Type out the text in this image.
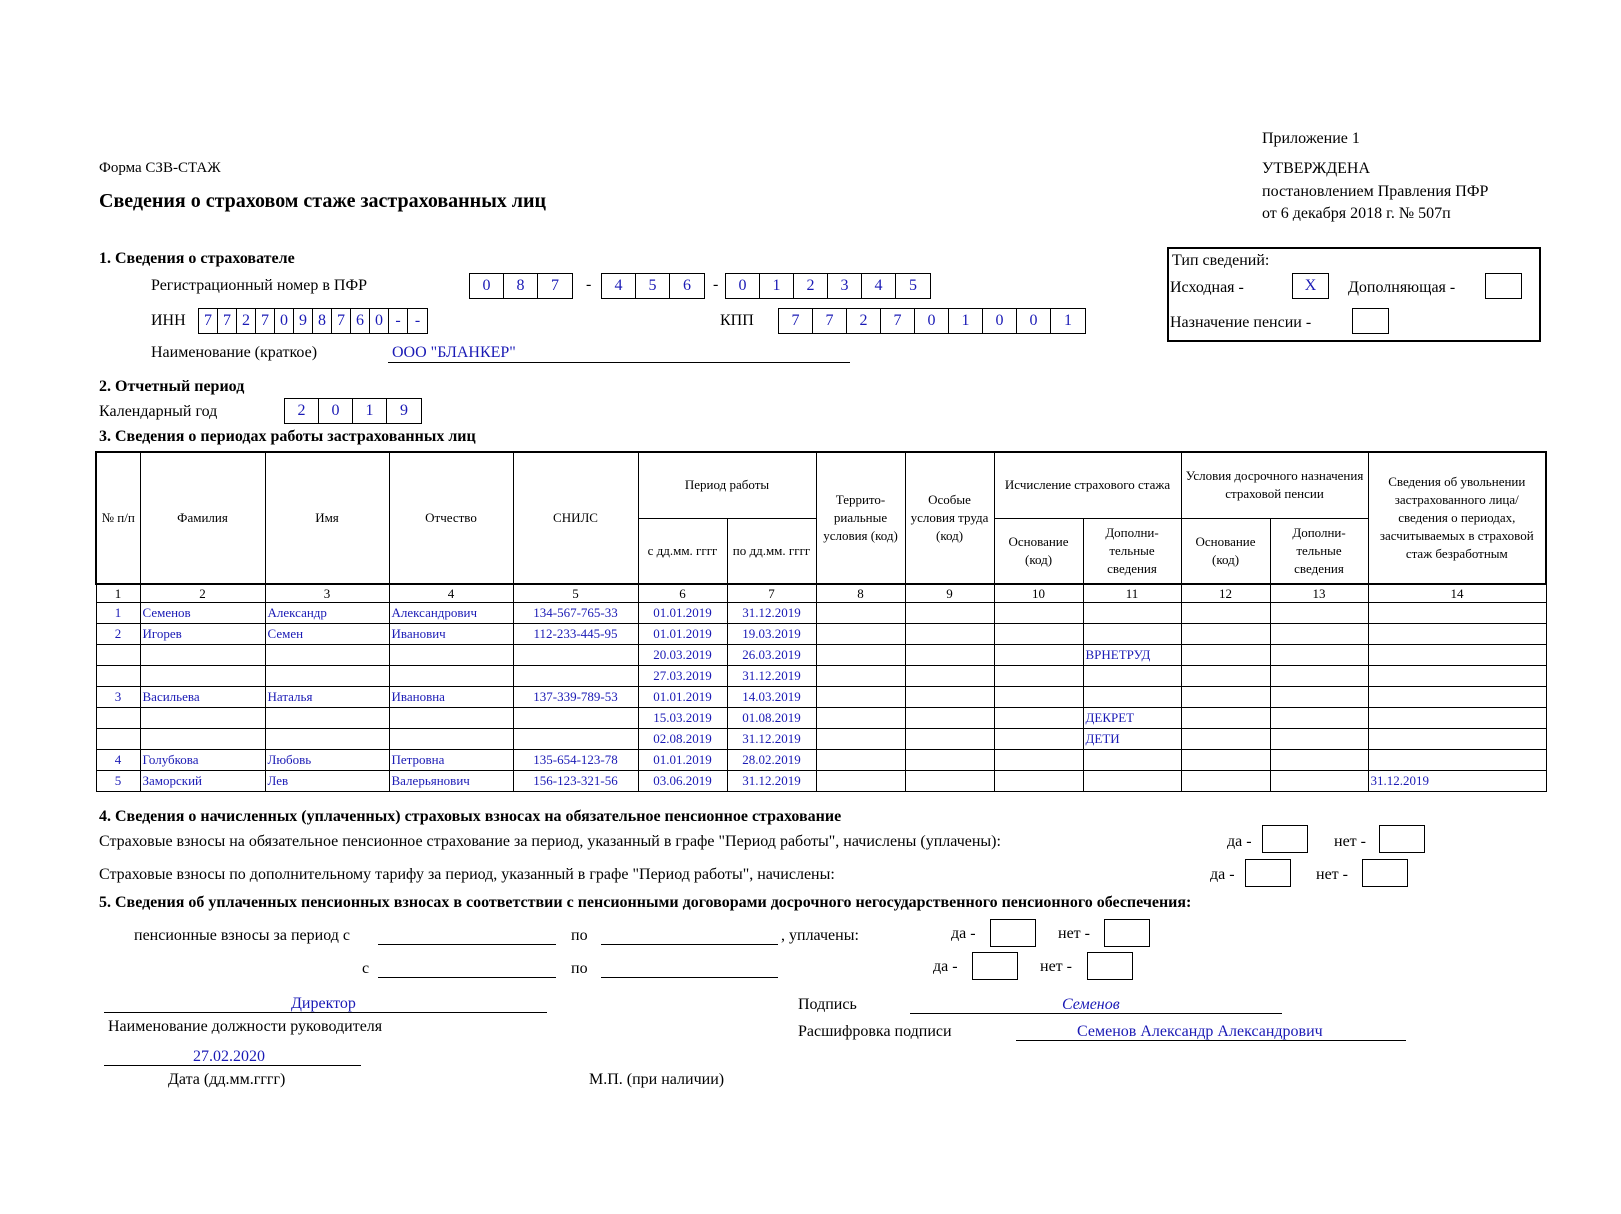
Приложение 1
УТВЕРЖДЕНА
постановлением Правления ПФР
от 6 декабря 2018 г. № 507п
Форма СЗВ-СТАЖ
Сведения о страховом стаже застрахованных лиц
1. Сведения о страхователе
Регистрационный номер в ПФР	0	8	7	-	4	5	6	-	0	1	2	3	4	5
ИНН	7 7 2 7 0 9 8 7 6 0 - -	КПП	7	7	2	7	0	1	0	0	1
Наименование (краткое)	ООО "БЛАНКЕР"
Тип сведений:
Исходная -	X	Дополняющая -
Назначение пенсии -
2. Отчетный период
Календарный год	2	0	1	9
3. Сведения о периодах работы застрахованных лиц
№ п/п	Фамилия	Имя	Отчество	СНИЛС	Период работы		Террито-риальные условия (код)	Особые условия труда (код)	Исчисление страхового стажа		Условия досрочного назначения страховой пенсии		Сведения об увольнении застрахованного лица/ сведения о периодах, засчитываемых в страховой стаж безработным
					с дд.мм. гггг	по дд.мм. гггг			Основание (код)	Дополни-тельные сведения	Основание (код)	Дополни-тельные сведения	
1	2	3	4	5	6	7	8	9	10	11	12	13	14
1	Семенов	Александр	Александрович	134-567-765-33	01.01.2019	31.12.2019							
2	Игорев	Семен	Иванович	112-233-445-95	01.01.2019	19.03.2019							
					20.03.2019	26.03.2019				ВРНЕТРУД			
					27.03.2019	31.12.2019							
3	Васильева	Наталья	Ивановна	137-339-789-53	01.01.2019	14.03.2019							
					15.03.2019	01.08.2019				ДЕКРЕТ			
					02.08.2019	31.12.2019				ДЕТИ			
4	Голубкова	Любовь	Петровна	135-654-123-78	01.01.2019	28.02.2019							
5	Заморский	Лев	Валерьянович	156-123-321-56	03.06.2019	31.12.2019							31.12.2019
4. Сведения о начисленных (уплаченных) страховых взносах на обязательное пенсионное страхование
Страховые взносы на обязательное пенсионное страхование за период, указанный в графе "Период работы", начислены (уплачены):	да -	нет -
Страховые взносы по дополнительному тарифу за период, указанный в графе "Период работы", начислены:	да -	нет -
5. Сведения об уплаченных пенсионных взносах в соответствии с пенсионными договорами досрочного негосударственного пенсионного обеспечения:
пенсионные взносы за период с	по	, уплачены:	да -	нет -
с	по	да -	нет -
Директор
Наименование должности руководителя
Подпись	Семенов
Расшифровка подписи	Семенов Александр Александрович
27.02.2020
Дата (дд.мм.гггг)	М.П. (при наличии)
